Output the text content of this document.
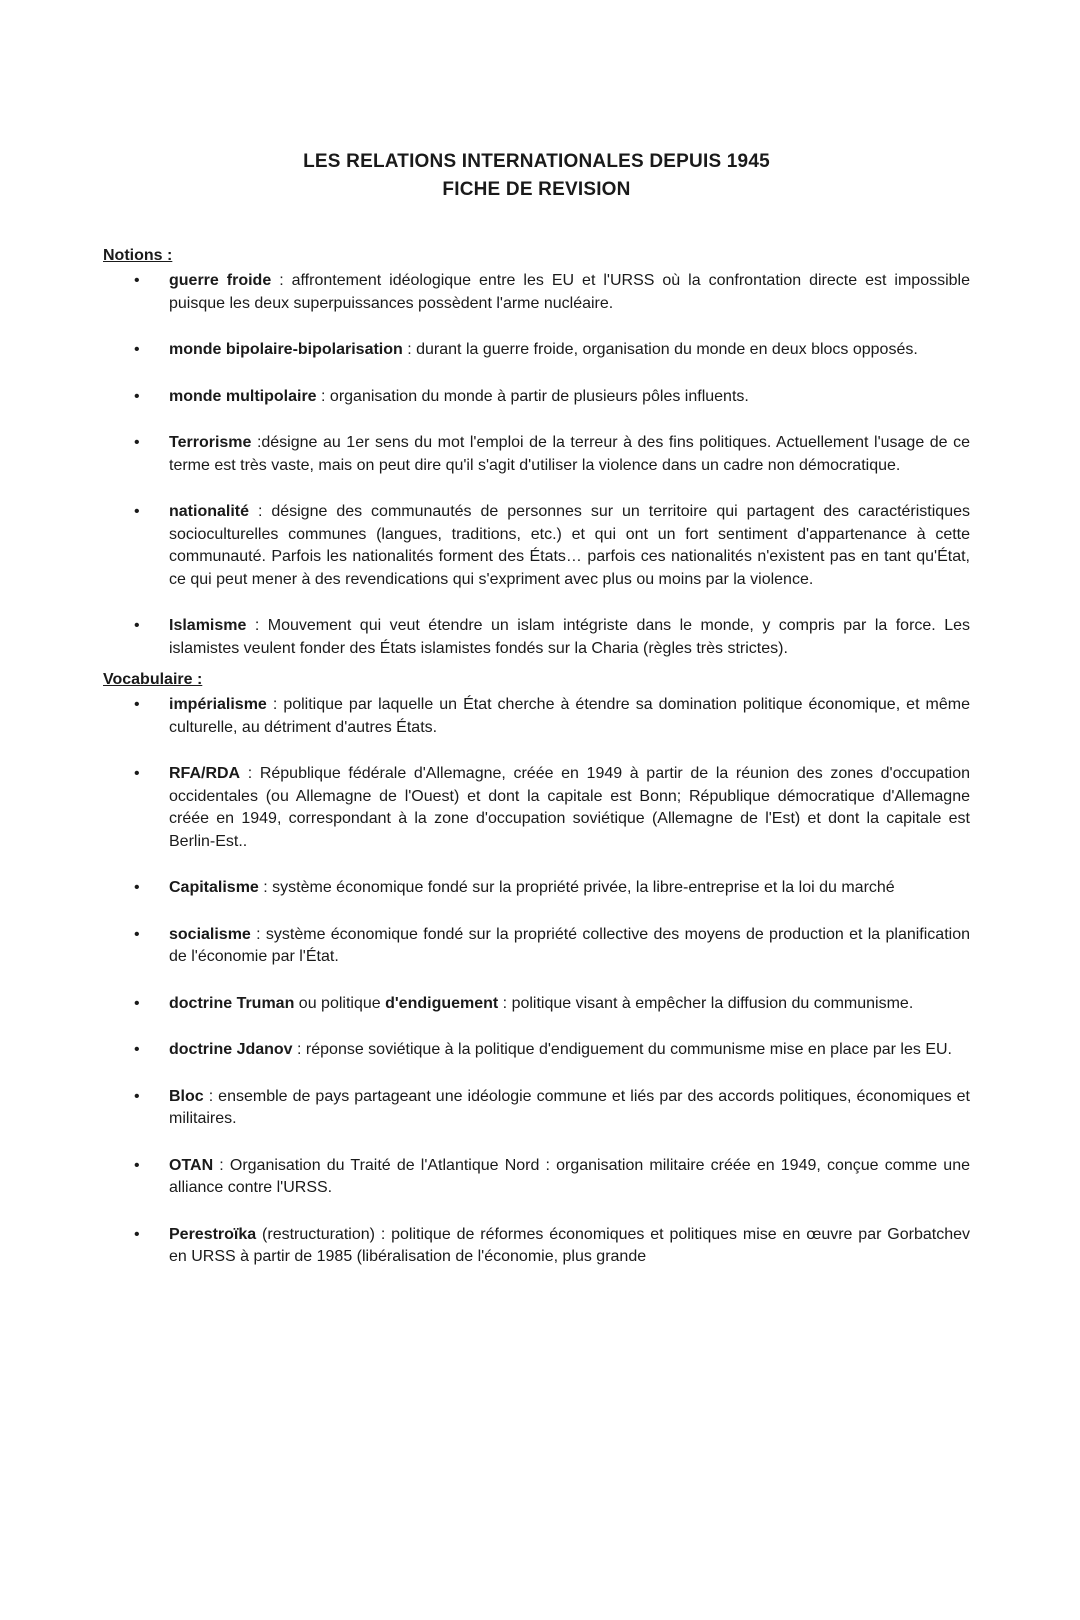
LES RELATIONS INTERNATIONALES DEPUIS 1945
FICHE DE REVISION
Notions :
• guerre froide : affrontement idéologique entre les EU et l'URSS où la confrontation directe est impossible puisque les deux superpuissances possèdent l'arme nucléaire.
• monde bipolaire-bipolarisation : durant la guerre froide, organisation du monde en deux blocs opposés.
• monde multipolaire : organisation du monde à partir de plusieurs pôles influents.
• Terrorisme :désigne au 1er sens du mot l'emploi de la terreur à des fins politiques. Actuellement l'usage de ce terme est très vaste, mais on peut dire qu'il s'agit d'utiliser la violence dans un cadre non démocratique.
• nationalité : désigne des communautés de personnes sur un territoire qui partagent des caractéristiques socioculturelles communes (langues, traditions, etc.) et qui ont un fort sentiment d'appartenance à cette communauté. Parfois les nationalités forment des États… parfois ces nationalités n'existent pas en tant qu'État, ce qui peut mener à des revendications qui s'expriment avec plus ou moins par la violence.
• Islamisme : Mouvement qui veut étendre un islam intégriste dans le monde, y compris par la force. Les islamistes veulent fonder des États islamistes fondés sur la Charia (règles très strictes).
Vocabulaire :
• impérialisme : politique par laquelle un État cherche à étendre sa domination politique économique, et même culturelle, au détriment d'autres États.
• RFA/RDA : République fédérale d'Allemagne, créée en 1949 à partir de la réunion des zones d'occupation occidentales (ou Allemagne de l'Ouest) et dont la capitale est Bonn; République démocratique d'Allemagne créée en 1949, correspondant à la zone d'occupation soviétique (Allemagne de l'Est) et dont la capitale est Berlin-Est..
• Capitalisme : système économique fondé sur la propriété privée, la libre-entreprise et la loi du marché
• socialisme : système économique fondé sur la propriété collective des moyens de production et la planification de l'économie par l'État.
• doctrine Truman ou politique d'endiguement : politique visant à empêcher la diffusion du communisme.
• doctrine Jdanov : réponse soviétique à la politique d'endiguement du communisme mise en place par les EU.
• Bloc : ensemble de pays partageant une idéologie commune et liés par des accords politiques, économiques et militaires.
• OTAN : Organisation du Traité de l'Atlantique Nord : organisation militaire créée en 1949, conçue comme une alliance contre l'URSS.
• Perestroïka (restructuration) : politique de réformes économiques et politiques mise en œuvre par Gorbatchev en URSS à partir de 1985 (libéralisation de l'économie, plus grande
